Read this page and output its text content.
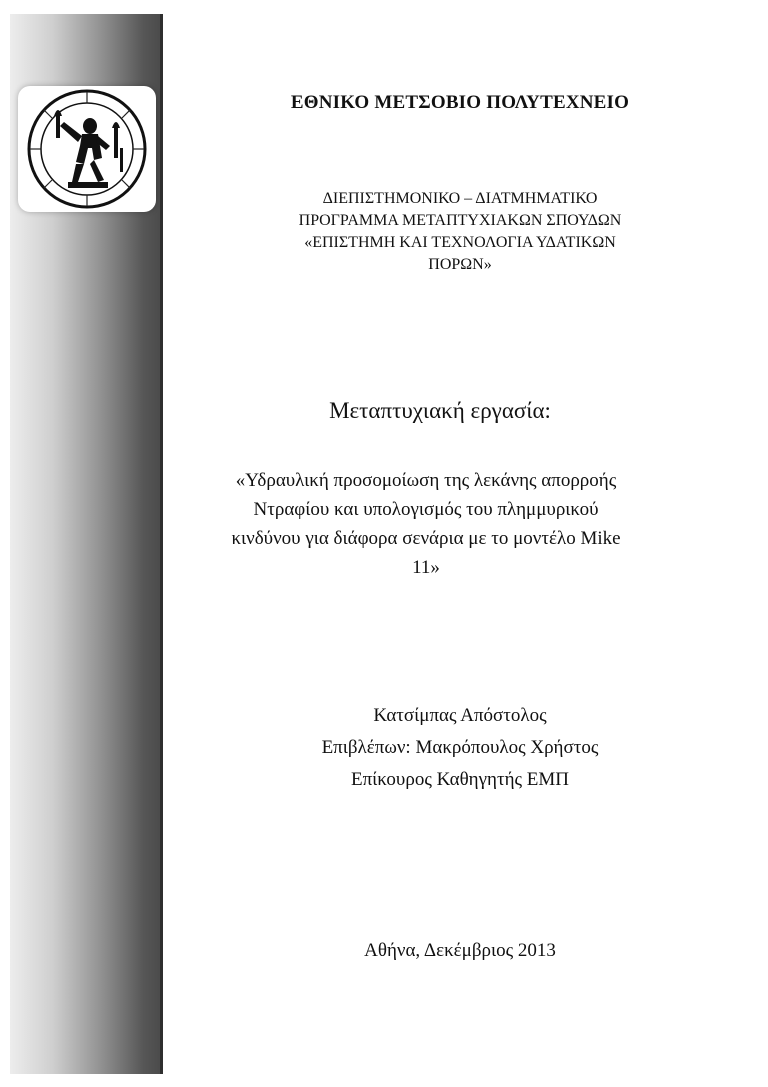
ΕΘΝΙΚΟ ΜΕΤΣΟΒΙΟ ΠΟΛΥΤΕΧΝΕΙΟ
ΔΙΕΠΙΣΤΗΜΟΝΙΚΟ – ΔΙΑΤΜΗΜΑΤΙΚΟ
ΠΡΟΓΡΑΜΜΑ ΜΕΤΑΠΤΥΧΙΑΚΩΝ ΣΠΟΥΔΩΝ
«ΕΠΙΣΤΗΜΗ ΚΑΙ ΤΕΧΝΟΛΟΓΙΑ ΥΔΑΤΙΚΩΝ
ΠΟΡΩΝ»
Μεταπτυχιακή εργασία:
«Υδραυλική προσομοίωση της λεκάνης απορροής
Ντραφίου και υπολογισμός του πλημμυρικού
κινδύνου για διάφορα σενάρια με το μοντέλο Mike
11»
Κατσίμπας Απόστολος
Επιβλέπων: Μακρόπουλος Χρήστος
Επίκουρος Καθηγητής ΕΜΠ
Αθήνα, Δεκέμβριος 2013
